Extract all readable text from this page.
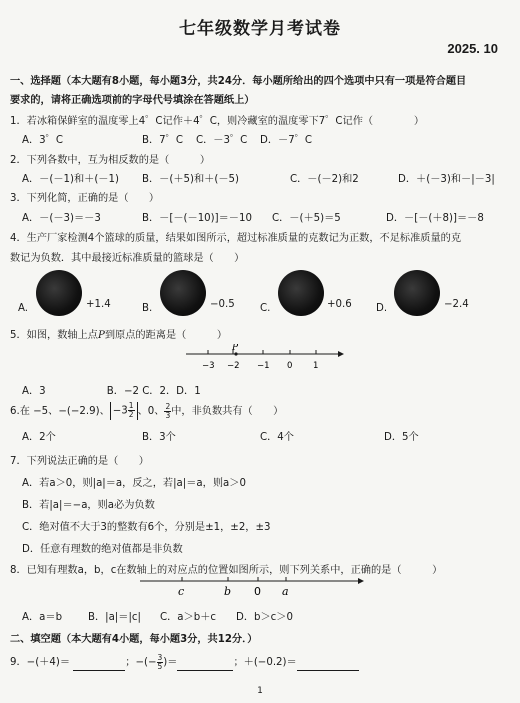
七年级数学月考试卷
2025. 10
一、选择题（本大题有8小题，每小题3分，共24分．每小题所给出的四个选项中只有一项是符合题目
要求的，请将正确选项前的字母代号填涂在答题纸上）
1．若冰箱保鲜室的温度零上4゜C记作＋4゜C，则冷藏室的温度零下7゜C记作（　　　　）
A．3゜C	B．7゜C C．－3゜C D．－7゜C
2．下列各数中，互为相反数的是（　　　）
A．－(－1)和＋(－1) B．－(＋5)和＋(－5)	C．－(－2)和2	D．＋(－3)和－|－3|
3．下列化简，正确的是（　　）
A．－(－3)＝－3	B．－[－(－10)]＝－10 C．－(＋5)＝5	D．－[－(＋8)]＝－8
4．生产厂家检测4个篮球的质量，结果如图所示，超过标准质量的克数记为正数，不足标准质量的克
数记为负数．其中最接近标准质量的篮球是（　　）
A.	+1.4	B.	−0.5 C.	+0.6 D.	−2.4
5．如图，数轴上点P到原点的距离是（　　　）
P
−3 −2 −1 0 1
A．3　　　　　　B．−2 C．2．D．1
6.在 −5、−(−2.9)、 $-3 \frac{1}{2}$ 、0、 $\frac{2}{3}$ 中，非负数共有（　　）
A．2个	B．3个	C．4个	D．5个
7．下列说法正确的是（　　）
A．若a＞0，则|a|＝a，反之，若|a|＝a，则a＞0
B．若|a|＝−a，则a必为负数
C．绝对值不大于3的整数有6个，分别是±1，±2，±3
D．任意有理数的绝对值都是非负数
8．已知有理数a，b，c在数轴上的对应点的位置如图所示，则下列关系中，正确的是（　　　）
c	b 0 a
A．a＝b	B．|a|＝|c| C．a＞b＋c D．b＞c＞0
二、填空题（本大题有4小题，每小题3分，共12分．）
9．−(＋4)＝	；−(− $\frac{3}{5}$ )＝	；＋(−0.2)＝
1
